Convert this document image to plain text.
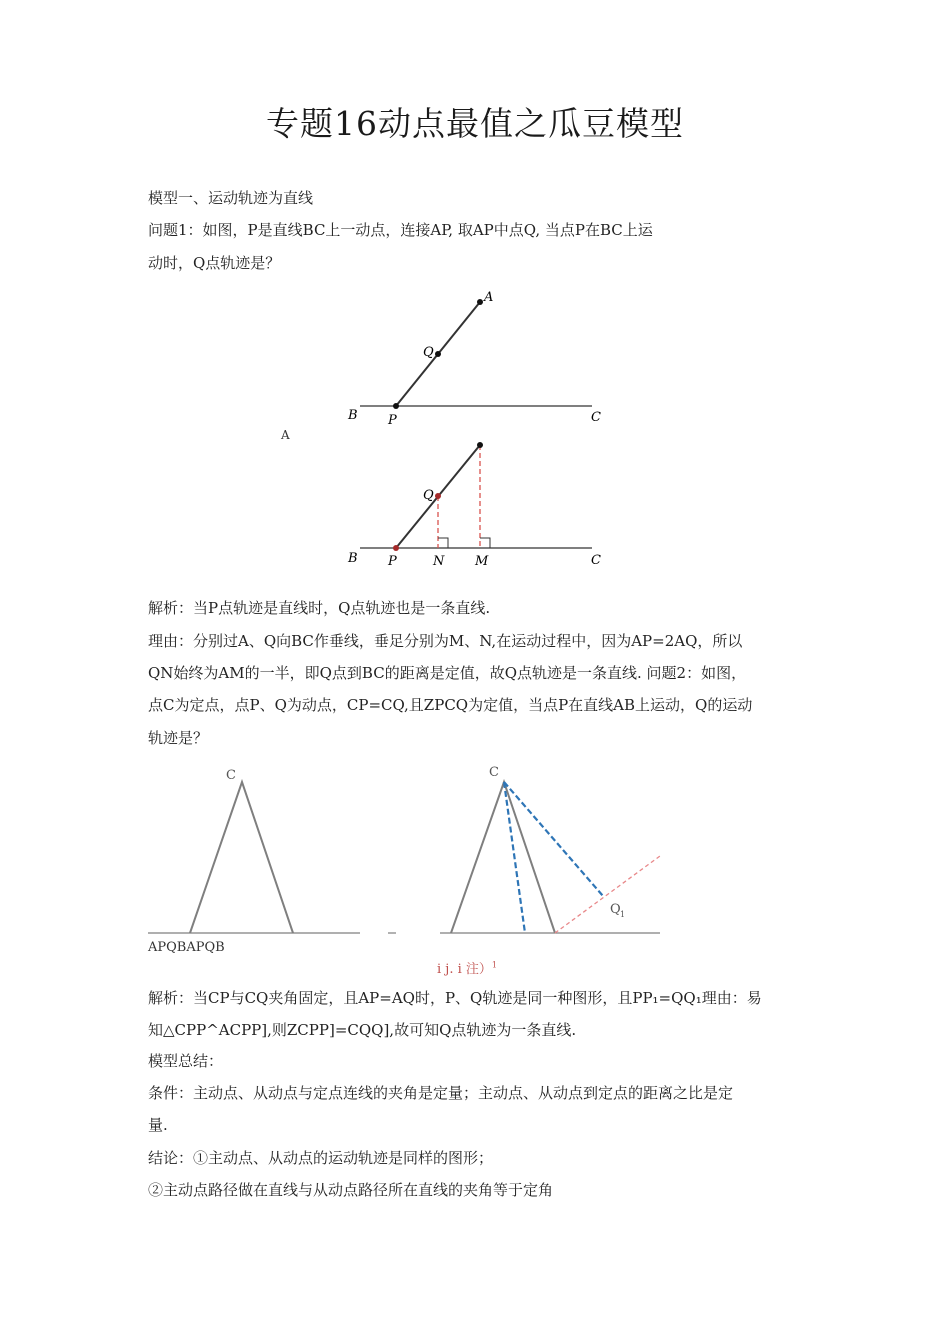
专题16动点最值之瓜豆模型
模型一、运动轨迹为直线
问题1：如图，P是直线BC上一动点，连接AP, 取AP中点Q, 当点P在BC上运
动时，Q点轨迹是？
A
Q
B P	C
A
Q
B P	N M	C
解析：当P点轨迹是直线时，Q点轨迹也是一条直线.
理由：分别过A、Q向BC作垂线，垂足分别为M、N,在运动过程中，因为AP=2AQ，所以
QN始终为AM的一半，即Q点到BC的距离是定值，故Q点轨迹是一条直线. 问题2：如图，
点C为定点，点P、Q为动点，CP=CQ,且ZPCQ为定值，当点P在直线AB上运动，Q的运动
轨迹是？
C	C
Q 1
APQBAPQB
i j. i 注）$^1$
解析：当CP与CQ夹角固定，且AP=AQ时，P、Q轨迹是同一种图形，且PP₁=QQ₁理由：易
知△CPP^ACPP],则ZCPP]=CQQ],故可知Q点轨迹为一条直线.
模型总结：
条件：主动点、从动点与定点连线的夹角是定量；主动点、从动点到定点的距离之比是定
量.
结论：①主动点、从动点的运动轨迹是同样的图形；
②主动点路径做在直线与从动点路径所在直线的夹角等于定角
